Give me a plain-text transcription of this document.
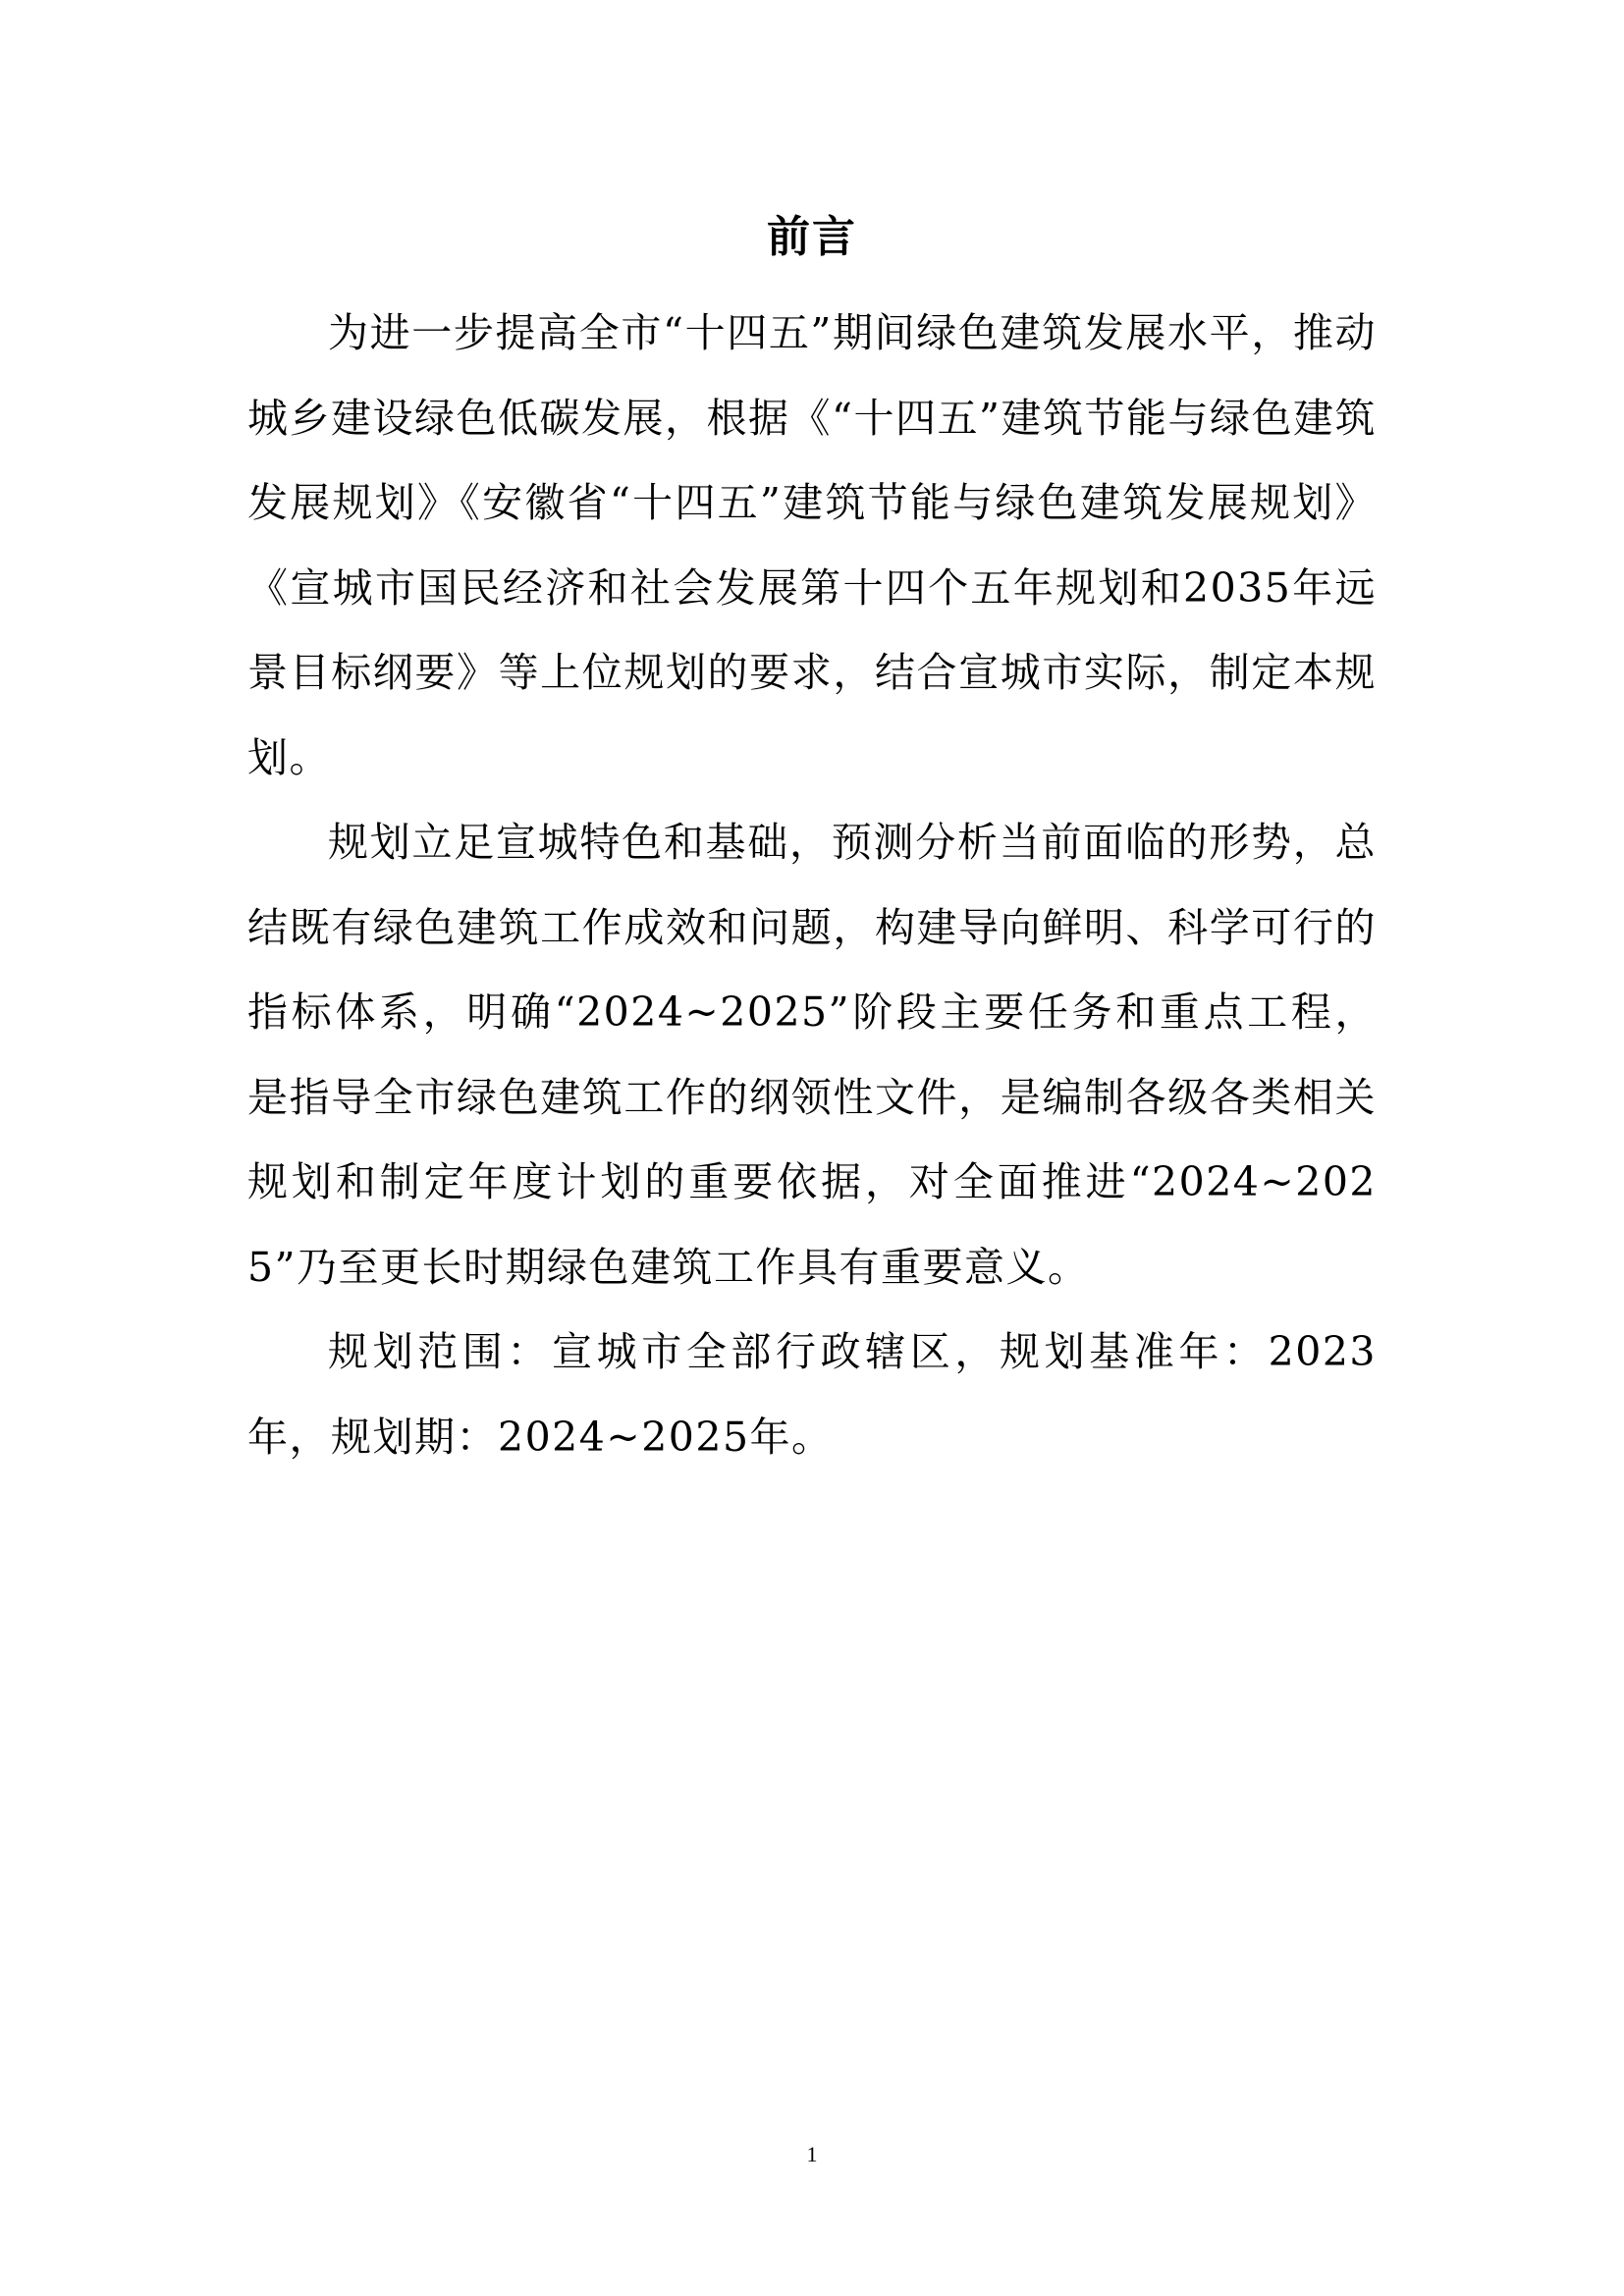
前言

为进一步提高全市“十四五”期间绿色建筑发展水平，推动城乡建设绿色低碳发展，根据《“十四五”建筑节能与绿色建筑发展规划》《安徽省“十四五”建筑节能与绿色建筑发展规划》《宣城市国民经济和社会发展第十四个五年规划和2035年远景目标纲要》等上位规划的要求，结合宣城市实际，制定本规划。

规划立足宣城特色和基础，预测分析当前面临的形势，总结既有绿色建筑工作成效和问题，构建导向鲜明、科学可行的指标体系，明确“2024~2025”阶段主要任务和重点工程，是指导全市绿色建筑工作的纲领性文件，是编制各级各类相关规划和制定年度计划的重要依据，对全面推进“2024~2025”乃至更长时期绿色建筑工作具有重要意义。

规划范围：宣城市全部行政辖区，规划基准年：2023年，规划期：2024~2025年。

1
